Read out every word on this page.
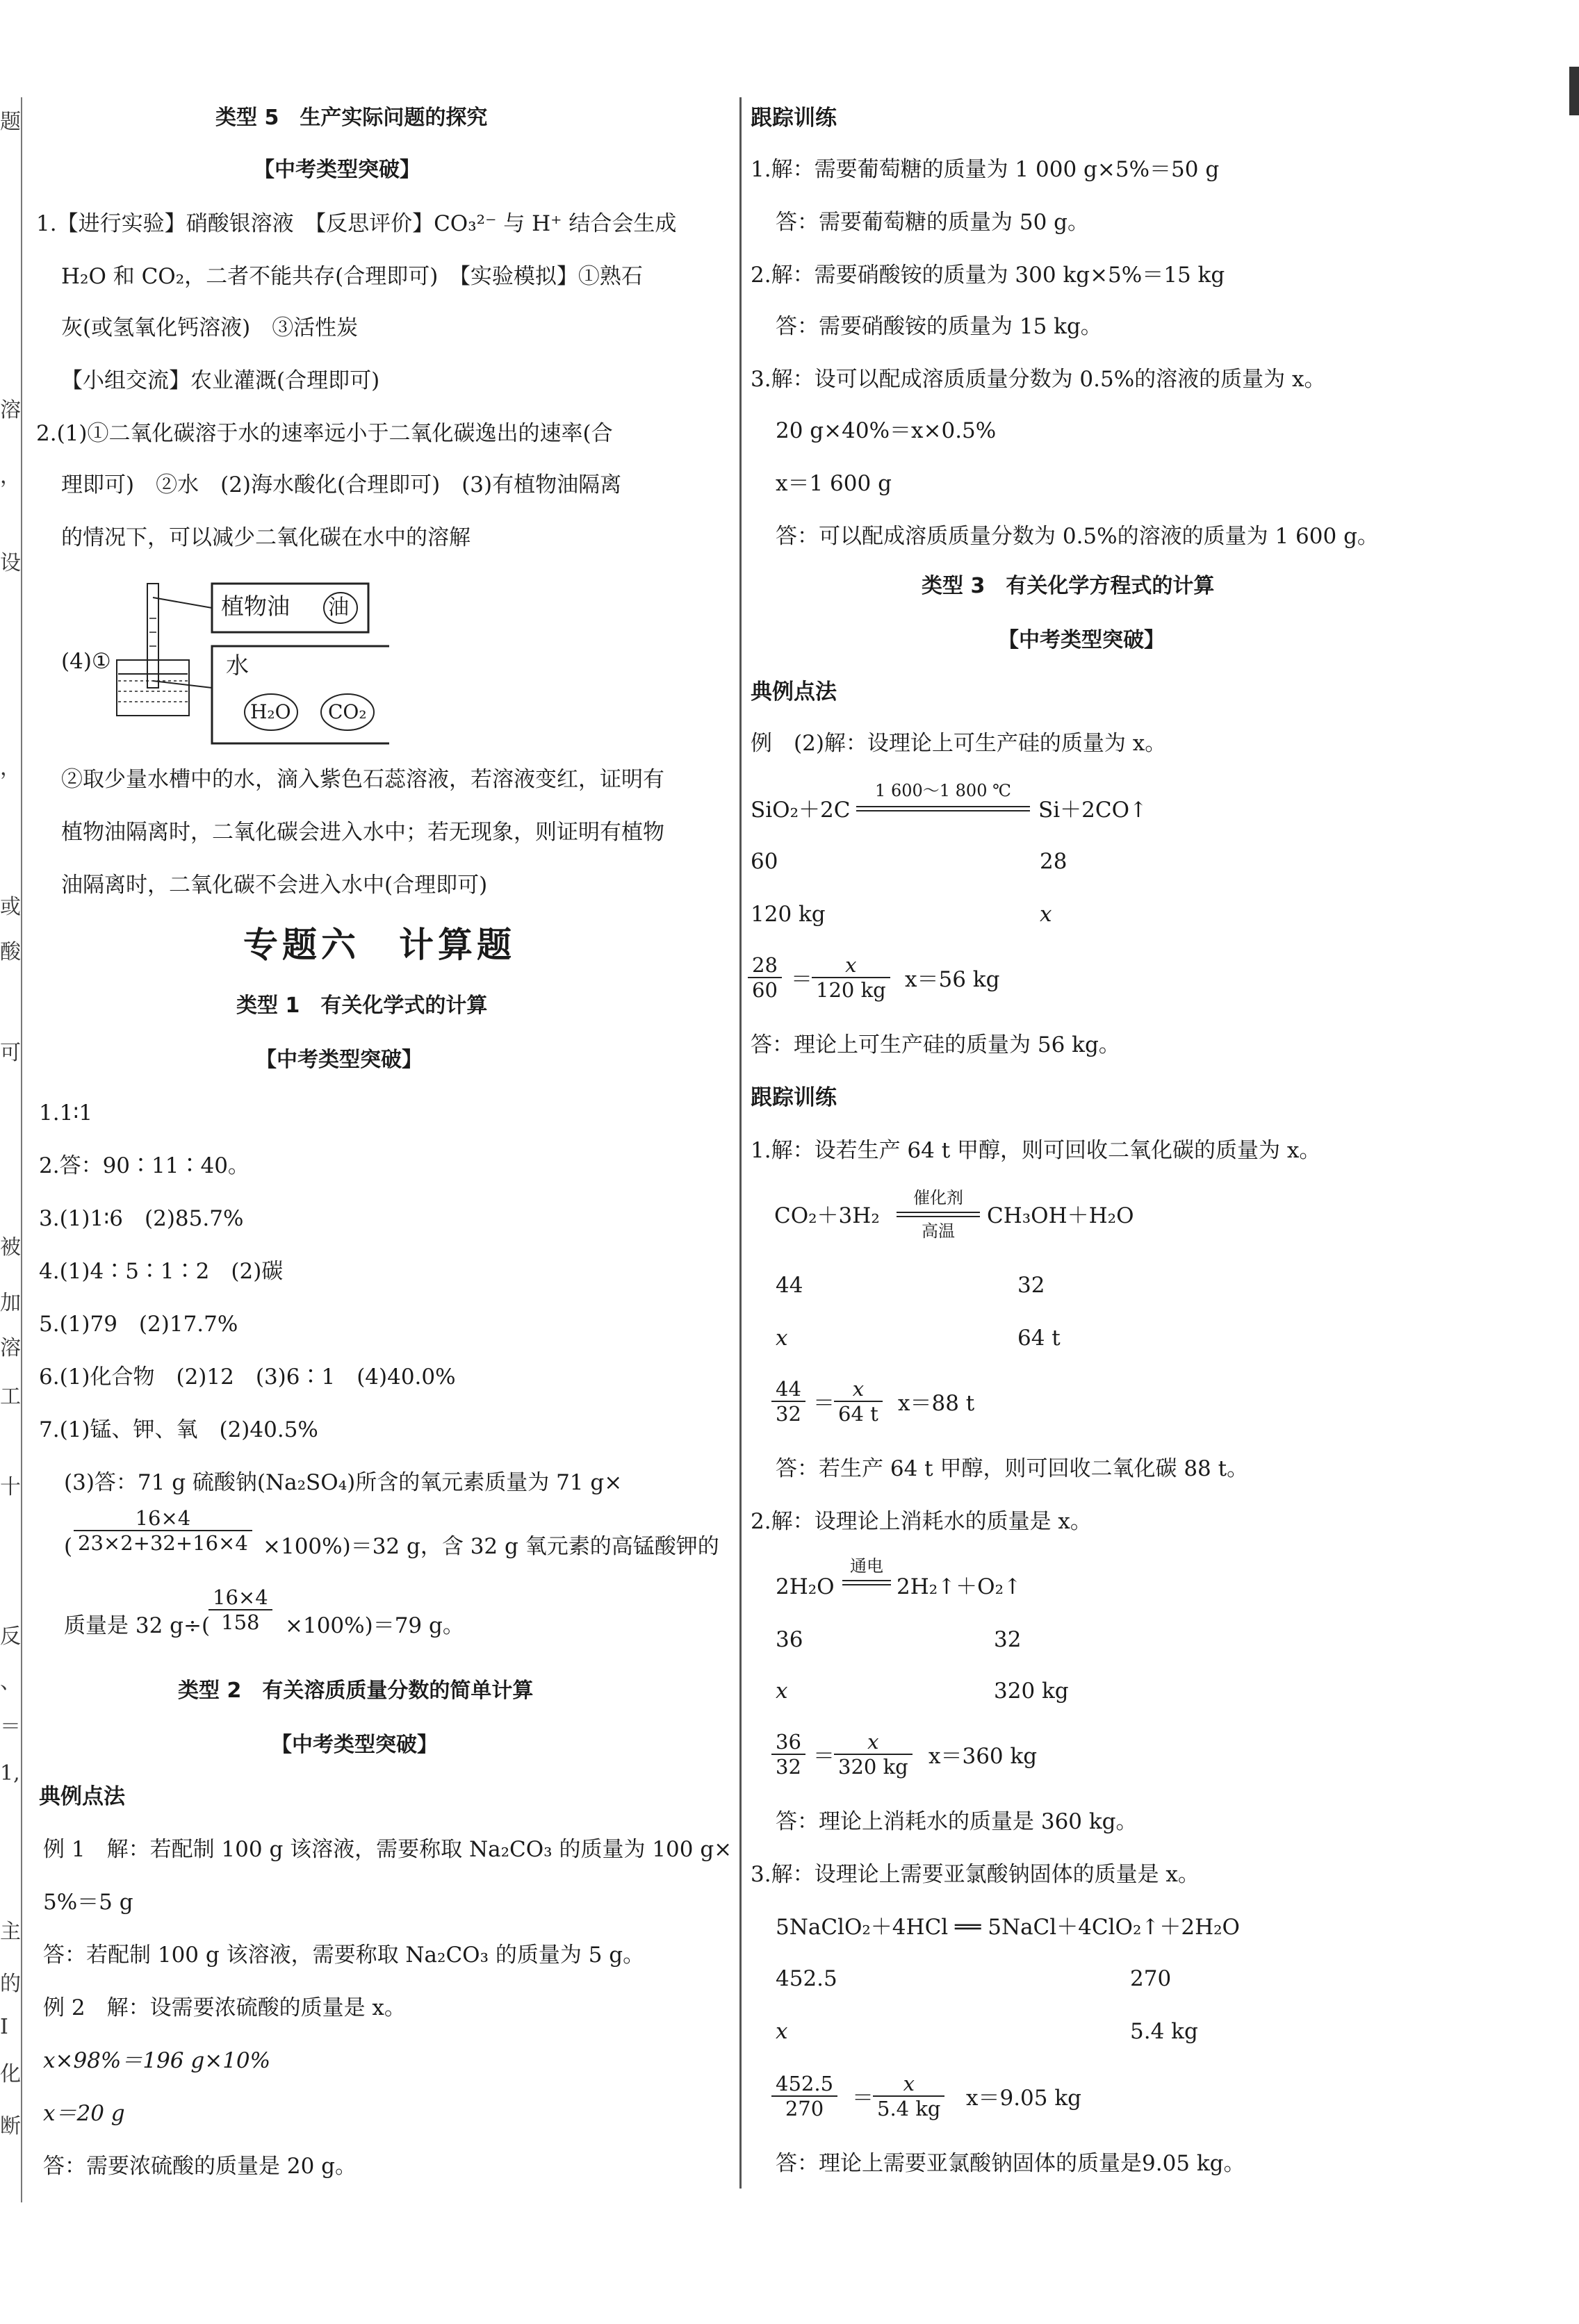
题
溶
，
设
，
或
酸
可
被
加
溶
工
十
反
、
＝
1,
主
的
I
化
断
类型 5　生产实际问题的探究
【中考类型突破】
1.【进行实验】硝酸银溶液　【反思评价】CO₃²⁻ 与 H⁺ 结合会生成
H₂O 和 CO₂，二者不能共存(合理即可)　【实验模拟】①熟石
灰(或氢氧化钙溶液)　③活性炭
【小组交流】农业灌溉(合理即可)
2.(1)①二氧化碳溶于水的速率远小于二氧化碳逸出的速率(合
理即可)　②水　(2)海水酸化(合理即可)　(3)有植物油隔离
的情况下，可以减少二氧化碳在水中的溶解
(4)①
植物油 油
水
H₂O CO₂
②取少量水槽中的水，滴入紫色石蕊溶液，若溶液变红，证明有
植物油隔离时，二氧化碳会进入水中；若无现象，则证明有植物
油隔离时，二氧化碳不会进入水中(合理即可)
专题六　计算题
类型 1　有关化学式的计算
【中考类型突破】
1.1∶1
2.答：90∶11∶40。
3.(1)1∶6　(2)85.7%
4.(1)4∶5∶1∶2　(2)碳
5.(1)79　(2)17.7%
6.(1)化合物　(2)12　(3)6∶1　(4)40.0%
7.(1)锰、钾、氧　(2)40.5%
(3)答：71 g 硫酸钠(Na₂SO₄)所含的氧元素质量为 71 g×
( $\frac{16\times 4}{23\times 2+32+16\times 4} \times 100\%)=32$ g，含 32 g 氧元素的高锰酸钾的
质量是 32 g÷(
$\frac{16\times 4}{158} \times 100\%)=79$ g。
类型 2　有关溶质质量分数的简单计算
【中考类型突破】
典例点法
例 1　解：若配制 100 g 该溶液，需要称取 Na₂CO₃ 的质量为 100 g×
5%＝5 g
答：若配制 100 g 该溶液，需要称取 Na₂CO₃ 的质量为 5 g。
例 2　解：设需要浓硫酸的质量是 x。
x×98%＝196 g×10%
x＝20 g
答：需要浓硫酸的质量是 20 g。
跟踪训练
1.解：需要葡萄糖的质量为 1 000 g×5%＝50 g
答：需要葡萄糖的质量为 50 g。
2.解：需要硝酸铵的质量为 300 kg×5%＝15 kg
答：需要硝酸铵的质量为 15 kg。
3.解：设可以配成溶质质量分数为 0.5%的溶液的质量为 x。
20 g×40%＝x×0.5%
x＝1 600 g
答：可以配成溶质质量分数为 0.5%的溶液的质量为 1 600 g。
类型 3　有关化学方程式的计算
【中考类型突破】
典例点法
例　(2)解：设理论上可生产硅的质量为 x。
SiO₂＋2C
1 600～1 800 ℃
Si＋2CO↑
60	28
120 kg	x
$\frac{28}{60} = \frac{x}{120 kg} x=56$ kg
答：理论上可生产硅的质量为 56 kg。
跟踪训练
1.解：设若生产 64 t 甲醇，则可回收二氧化碳的质量为 x。
CO₂＋3H₂
催化剂
高温
CH₃OH＋H₂O
44	32
x	64 t
$\frac{44}{32} = \frac{x}{64 t} x=88$ t
答：若生产 64 t 甲醇，则可回收二氧化碳 88 t。
2.解：设理论上消耗水的质量是 x。
2H₂O
通电
2H₂↑＋O₂↑
36	32
x	320 kg
$\frac{36}{32} = \frac{x}{320 kg} x=360$ kg
答：理论上消耗水的质量是 360 kg。
3.解：设理论上需要亚氯酸钠固体的质量是 x。
5NaClO₂＋4HCl ══ 5NaCl＋4ClO₂↑＋2H₂O
452.5	270
x	5.4 kg
$\frac{452.5}{270} = \frac{x}{5.4 kg} x=9.05$ kg
答：理论上需要亚氯酸钠固体的质量是9.05 kg。
